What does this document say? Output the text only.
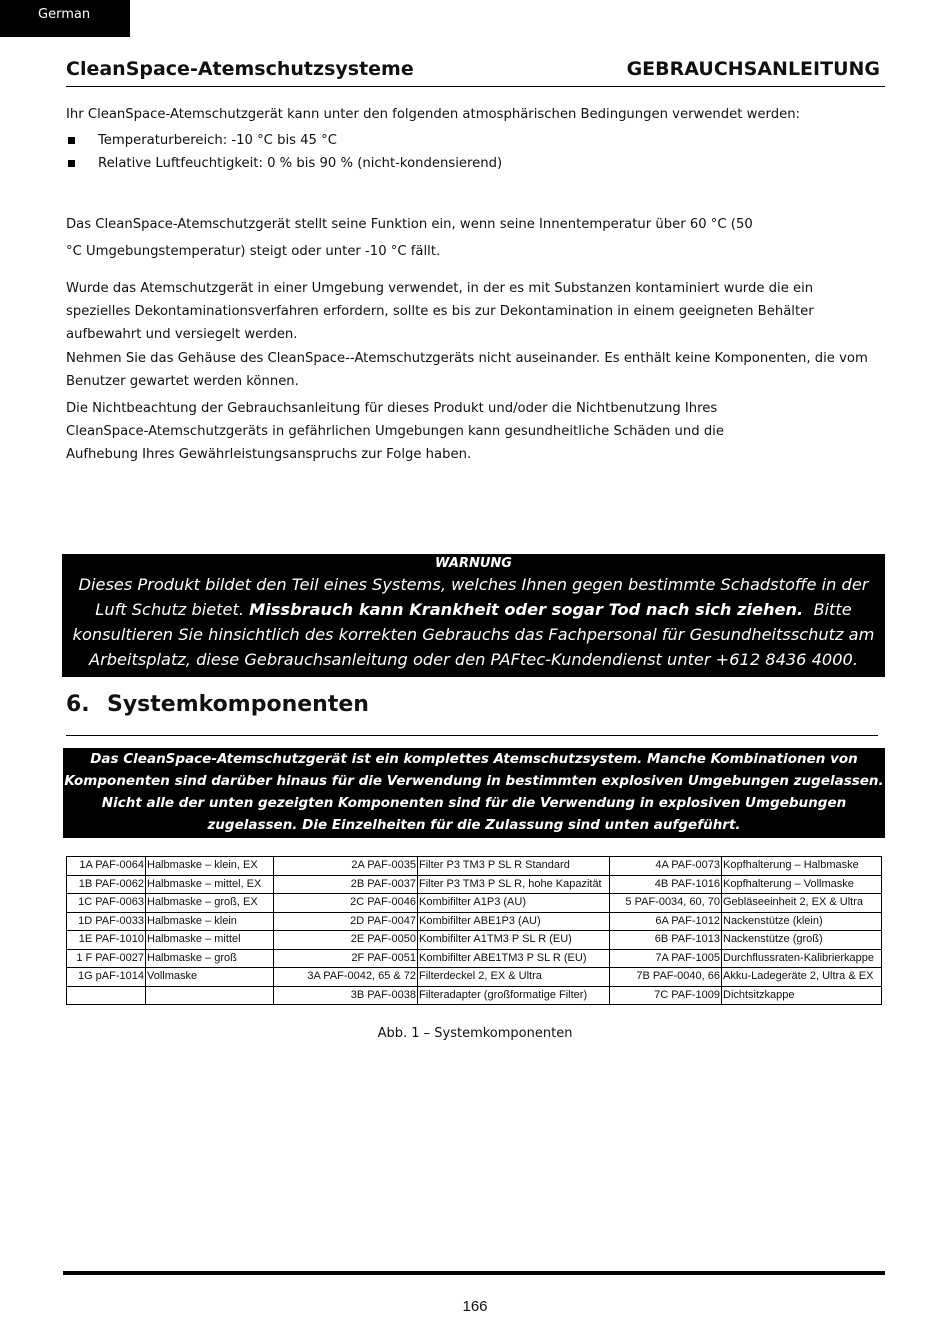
German
CleanSpace-Atemschutzsysteme	GEBRAUCHSANLEITUNG
Ihr CleanSpace-Atemschutzgerät kann unter den folgenden atmosphärischen Bedingungen verwendet werden:
Temperaturbereich: -10 °C bis 45 °C
Relative Luftfeuchtigkeit: 0 % bis 90 % (nicht-kondensierend)
Das CleanSpace-Atemschutzgerät stellt seine Funktion ein, wenn seine Innentemperatur über 60 °C (50 °C Umgebungstemperatur) steigt oder unter -10 °C fällt.
Wurde das Atemschutzgerät in einer Umgebung verwendet, in der es mit Substanzen kontaminiert wurde die ein spezielles Dekontaminationsverfahren erfordern, sollte es bis zur Dekontamination in einem geeigneten Behälter aufbewahrt und versiegelt werden.
Nehmen Sie das Gehäuse des CleanSpace--Atemschutzgeräts nicht auseinander. Es enthält keine Komponenten, die vom Benutzer gewartet werden können.
Die Nichtbeachtung der Gebrauchsanleitung für dieses Produkt und/oder die Nichtbenutzung Ihres CleanSpace-Atemschutzgeräts in gefährlichen Umgebungen kann gesundheitliche Schäden und die Aufhebung Ihres Gewährleistungsanspruchs zur Folge haben.
WARNUNG
Dieses Produkt bildet den Teil eines Systems, welches Ihnen gegen bestimmte Schadstoffe in der Luft Schutz bietet. Missbrauch kann Krankheit oder sogar Tod nach sich ziehen. Bitte konsultieren Sie hinsichtlich des korrekten Gebrauchs das Fachpersonal für Gesundheitsschutz am Arbeitsplatz, diese Gebrauchsanleitung oder den PAFtec-Kundendienst unter +612 8436 4000.
6. Systemkomponenten
Das CleanSpace-Atemschutzgerät ist ein komplettes Atemschutzsystem. Manche Kombinationen von Komponenten sind darüber hinaus für die Verwendung in bestimmten explosiven Umgebungen zugelassen. Nicht alle der unten gezeigten Komponenten sind für die Verwendung in explosiven Umgebungen zugelassen. Die Einzelheiten für die Zulassung sind unten aufgeführt.
1A PAF-0064	Halbmaske – klein, EX	2A PAF-0035	Filter P3 TM3 P SL R Standard	4A PAF-0073	Kopfhalterung – Halbmaske
1B PAF-0062	Halbmaske – mittel, EX	2B PAF-0037	Filter P3 TM3 P SL R, hohe Kapazität	4B PAF-1016	Kopfhalterung – Vollmaske
1C PAF-0063	Halbmaske – groß, EX	2C PAF-0046	Kombifilter A1P3 (AU)	5 PAF-0034, 60, 70	Gebläseeinheit 2, EX & Ultra
1D PAF-0033	Halbmaske – klein	2D PAF-0047	Kombifilter ABE1P3 (AU)	6A PAF-1012	Nackenstütze (klein)
1E PAF-1010	Halbmaske – mittel	2E PAF-0050	Kombifilter A1TM3 P SL R (EU)	6B PAF-1013	Nackenstütze (groß)
1 F PAF-0027	Halbmaske – groß	2F PAF-0051	Kombifilter ABE1TM3 P SL R (EU)	7A PAF-1005	Durchflussraten-Kalibrierkappe
1G pAF-1014	Vollmaske	3A PAF-0042, 65 & 72	Filterdeckel 2, EX & Ultra	7B PAF-0040, 66	Akku-Ladegeräte 2, Ultra & EX
		3B PAF-0038	Filteradapter (großformatige Filter)	7C PAF-1009	Dichtsitzkappe
Abb. 1 – Systemkomponenten
166
